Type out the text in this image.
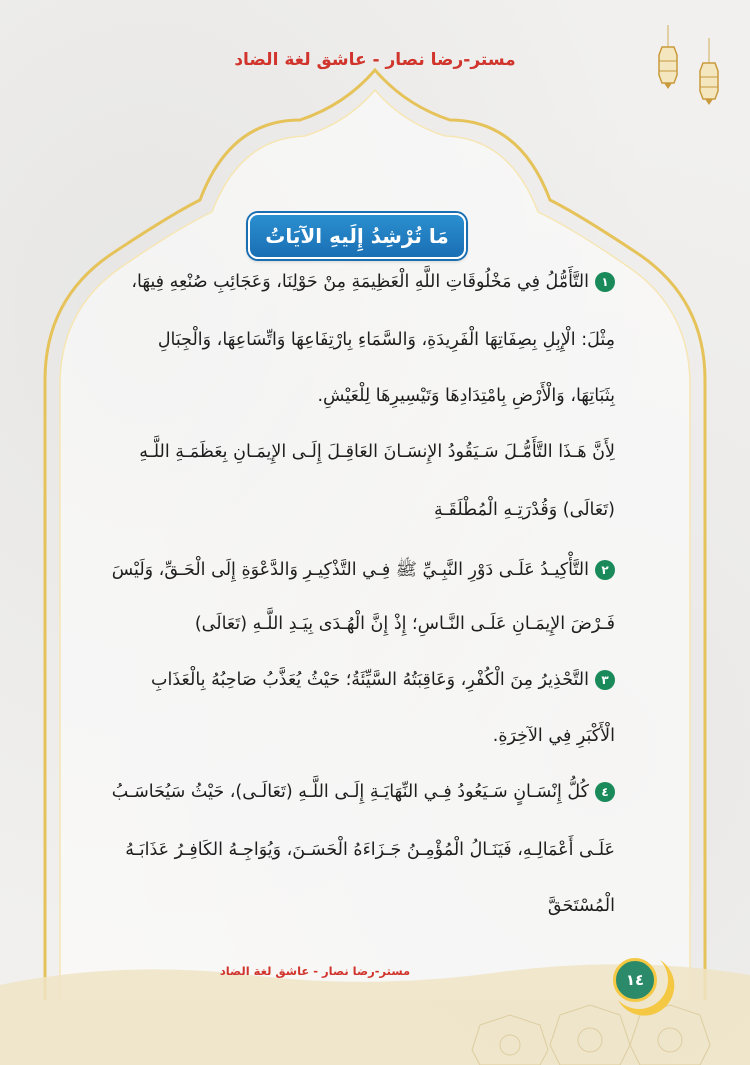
مستر-رضا نصار - عاشق لغة الضاد
مَا تُرْشِدُ إِلَيهِ الآيَاتُ
١التَّأَمُّلُ فِي مَخْلُوقَاتِ اللَّهِ الْعَظِيمَةِ مِنْ حَوْلِنَا، وَعَجَائِبِ صُنْعِهِ فِيهَا،
مِثْلَ: الْإِبِلِ بِصِفَاتِهَا الْفَرِيدَةِ، وَالسَّمَاءِ بِارْتِفَاعِهَا وَاتِّسَاعِهَا، وَالْجِبَالِ
بِثَبَاتِهَا، وَالْأَرْضِ بِامْتِدَادِهَا وَتَيْسِيرِهَا لِلْعَيْشِ.
لِأَنَّ هَـذَا التَّأَمُّـلَ سَـيَقُودُ الإِنسَـانَ العَاقِـلَ إِلَـى الإِيمَـانِ بِعَظَمَـةِ اللَّـهِ
(تَعَالَى) وَقُدْرَتِـهِ الْمُطْلَقَـةِ
٢التَّأْكِيـدُ عَلَـى دَوْرِ النَّبِـيِّ ﷺ فِـي التَّذْكِيـرِ وَالدَّعْوَةِ إِلَى الْحَـقِّ، وَلَيْسَ
فَـرْضَ الإِيمَـانِ عَلَـى النَّـاسِ؛ إِذْ إِنَّ الْهُـدَى بِيَـدِ اللَّـهِ (تَعَالَى)
٣التَّحْذِيرُ مِنَ الْكُفْرِ، وَعَاقِبَتُهُ السَّيِّئَةُ؛ حَيْثُ يُعَذَّبُ صَاحِبُهُ بِالْعَذَابِ
الْأَكْبَرِ فِي الآخِرَةِ.
٤كُلُّ إِنْسَـانٍ سَـيَعُودُ فِـي النِّهَايَـةِ إِلَـى اللَّـهِ (تَعَالَـى)، حَيْثُ سَيُحَاسَـبُ
عَلَـى أَعْمَالِـهِ، فَيَنَـالُ الْمُؤْمِـنُ جَـزَاءَهُ الْحَسَـنَ، وَيُوَاجِـهُ الكَافِـرُ عَذَابَـهُ
الْمُسْتَحَقَّ
مستر-رضا نصار - عاشق لغة الضاد	١٤
